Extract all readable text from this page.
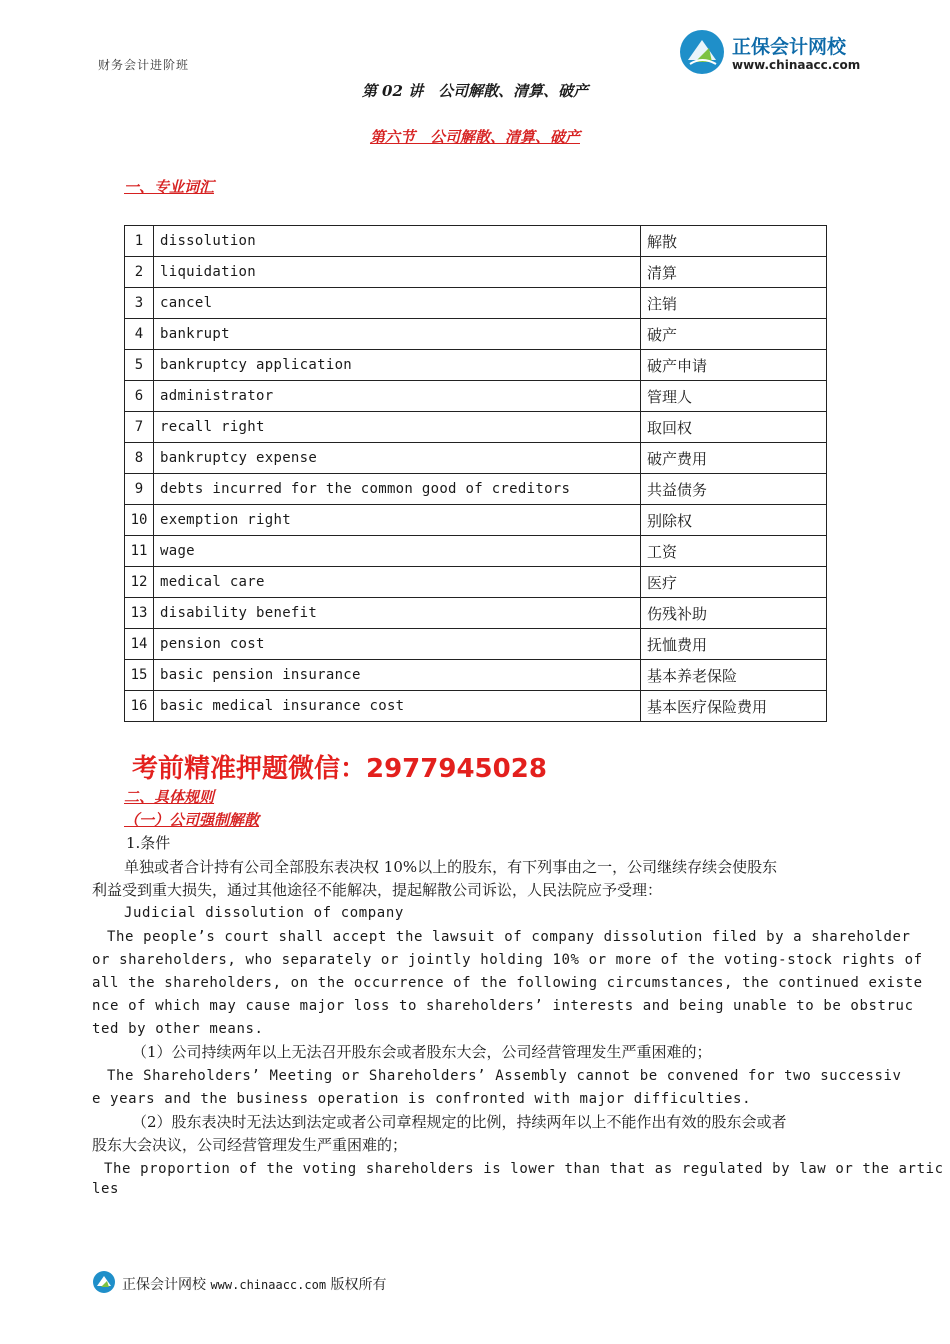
财务会计进阶班
正保会计网校
www.chinaacc.com
第 02 讲　公司解散、清算、破产
第六节　公司解散、清算、破产
一、专业词汇
1	dissolution	解散
2	liquidation	清算
3	cancel	注销
4	bankrupt	破产
5	bankruptcy application	破产申请
6	administrator	管理人
7	recall right	取回权
8	bankruptcy expense	破产费用
9	debts incurred for the common good of creditors	共益债务
10	exemption right	别除权
11	wage	工资
12	medical care	医疗
13	disability benefit	伤残补助
14	pension cost	抚恤费用
15	basic pension insurance	基本养老保险
16	basic medical insurance cost	基本医疗保险费用
考前精准押题微信：2977945028
二、具体规则
（一）公司强制解散
1.条件
单独或者合计持有公司全部股东表决权 10%以上的股东，有下列事由之一，公司继续存续会使股东
利益受到重大损失，通过其他途径不能解决，提起解散公司诉讼，人民法院应予受理：
Judicial dissolution of company
The people’s court shall accept the lawsuit of company dissolution filed by a shareholder
or shareholders, who separately or jointly holding 10% or more of the voting-stock rights of
all the shareholders, on the occurrence of the following circumstances, the continued existe
nce of which may cause major loss to shareholders’ interests and being unable to be obstruc
ted by other means.
（1）公司持续两年以上无法召开股东会或者股东大会，公司经营管理发生严重困难的；
The Shareholders’ Meeting or Shareholders’ Assembly cannot be convened for two successiv
e years and the business operation is confronted with major difficulties.
（2）股东表决时无法达到法定或者公司章程规定的比例，持续两年以上不能作出有效的股东会或者
股东大会决议，公司经营管理发生严重困难的；
The proportion of the voting shareholders is lower than that as regulated by law or the artic
les
正保会计网校 www.chinaacc.com 版权所有
